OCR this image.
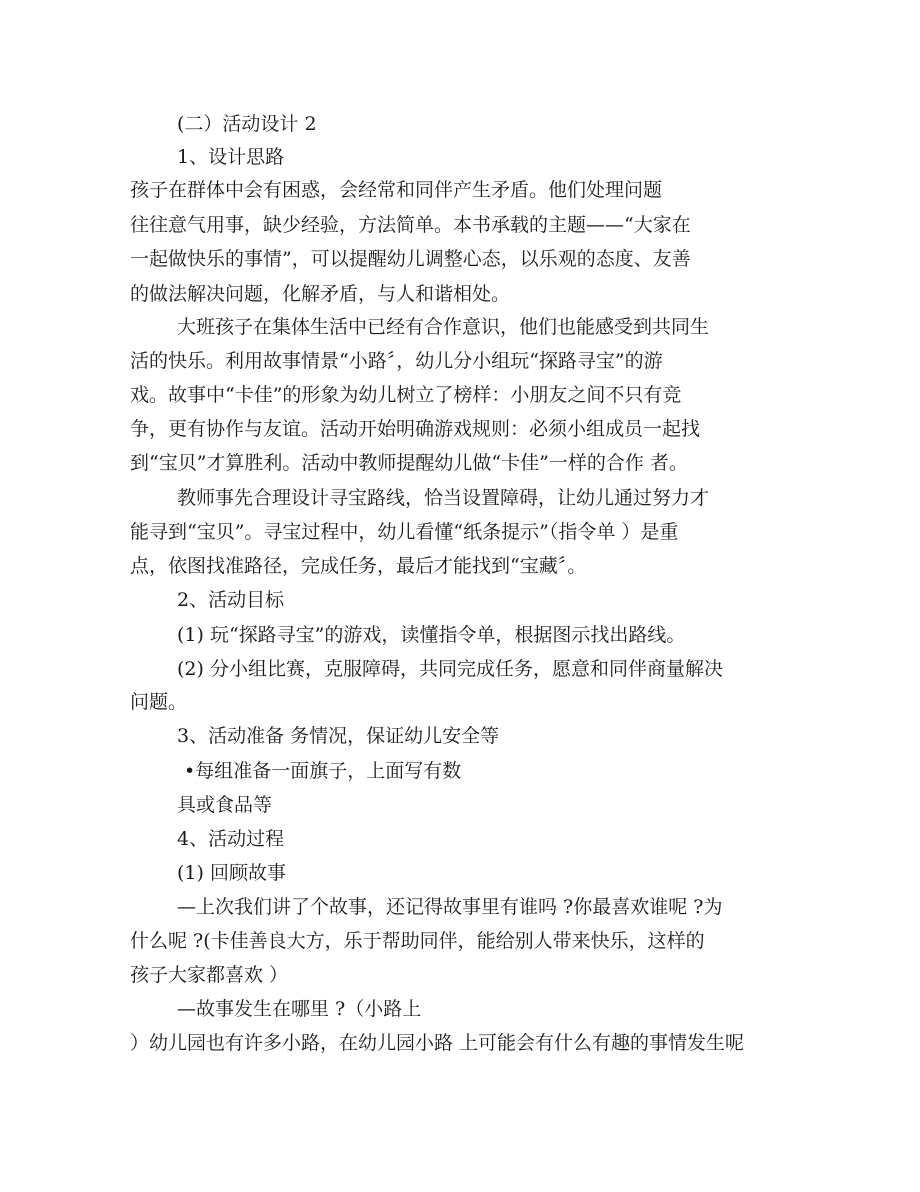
(二）活动设计 2

1、设计思路

孩子在群体中会有困惑，会经常和同伴产生矛盾。他们处理问题

往往意气用事，缺少经验，方法简单。本书承载的主题——“大家在

一起做快乐的事情”，可以提醒幼儿调整心态，以乐观的态度、友善

的做法解决问题，化解矛盾，与人和谐相处。

大班孩子在集体生活中已经有合作意识，他们也能感受到共同生

活的快乐。利用故事情景“小路〞，幼儿分小组玩“探路寻宝”的游

戏。故事中“卡佳”的形象为幼儿树立了榜样：小朋友之间不只有竞

争，更有协作与友谊。活动开始明确游戏规则：必须小组成员一起找

到“宝贝”才算胜利。活动中教师提醒幼儿做“卡佳”一样的合作 者。

教师事先合理设计寻宝路线，恰当设置障碍，让幼儿通过努力才

能寻到“宝贝”。寻宝过程中，幼儿看懂“纸条提示”（指令单 ）是重

点，依图找准路径，完成任务，最后才能找到“宝藏〞。

2、活动目标

(1) 玩“探路寻宝”的游戏，读懂指令单，根据图示找出路线。

(2) 分小组比赛，克服障碍，共同完成任务，愿意和同伴商量解决

问题。

3、活动准备 务情况，保证幼儿安全等

•每组准备一面旗子，上面写有数

具或食品等

4、活动过程

(1) 回顾故事

—上次我们讲了个故事，还记得故事里有谁吗 ?你最喜欢谁呢 ?为

什么呢 ?(卡佳善良大方，乐于帮助同伴，能给别人带来快乐，这样的

孩子大家都喜欢 ）

—故事发生在哪里 ?（小路上

）幼儿园也有许多小路，在幼儿园小路 上可能会有什么有趣的事情发生呢
